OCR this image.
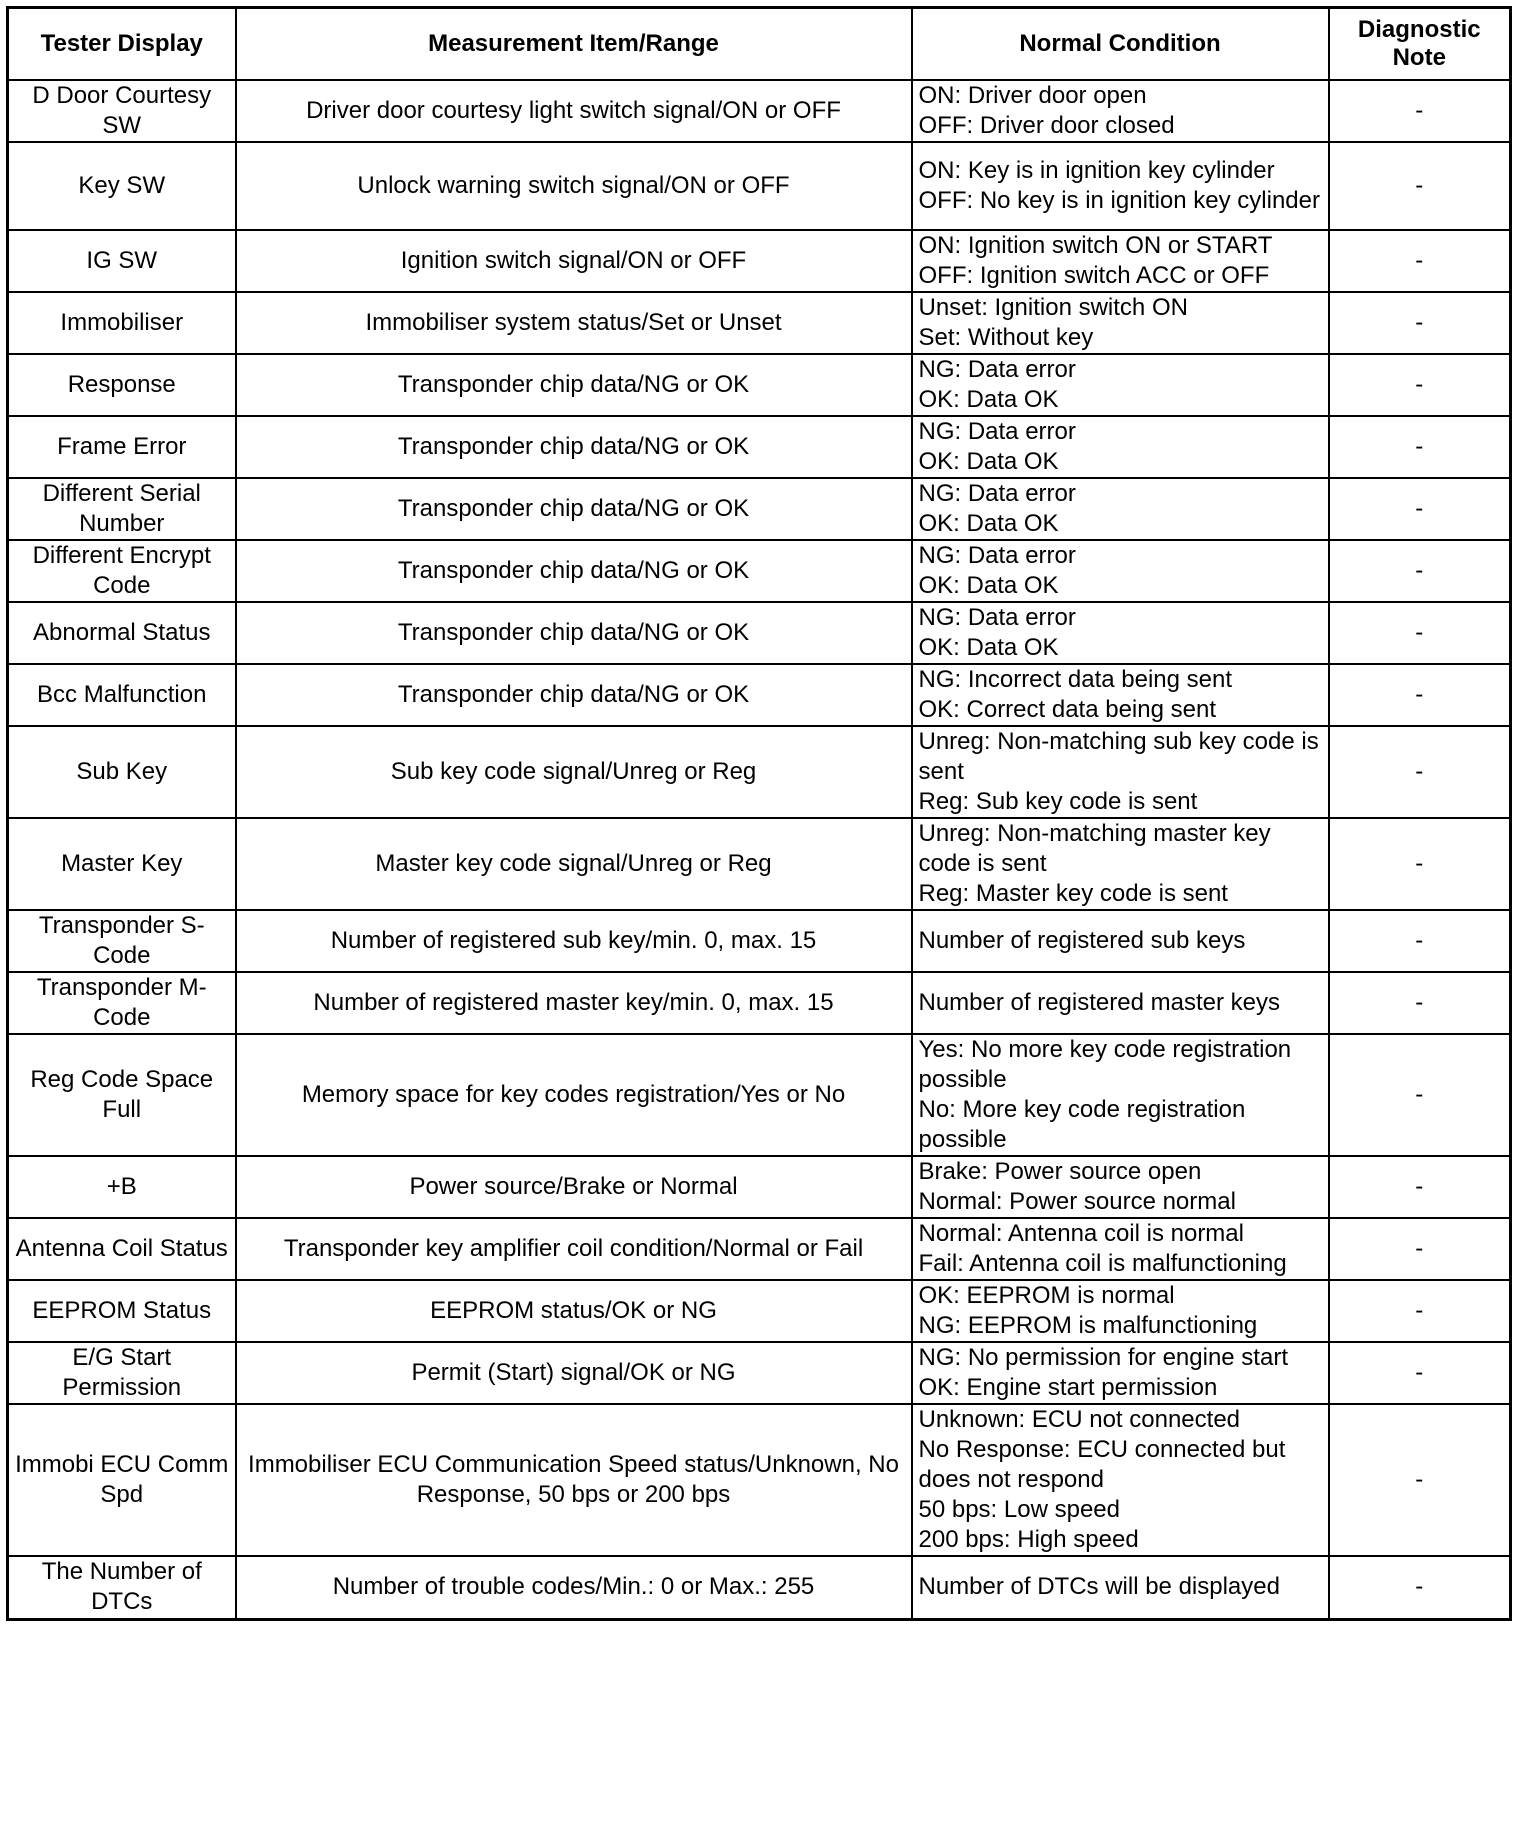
Tester Display	Measurement Item/Range	Normal Condition	Diagnostic Note
D Door Courtesy SW	Driver door courtesy light switch signal/ON or OFF	ON: Driver door open
OFF: Driver door closed	-
Key SW	Unlock warning switch signal/ON or OFF	ON: Key is in ignition key cylinder
OFF: No key is in ignition key cylinder	-
IG SW	Ignition switch signal/ON or OFF	ON: Ignition switch ON or START
OFF: Ignition switch ACC or OFF	-
Immobiliser	Immobiliser system status/Set or Unset	Unset: Ignition switch ON
Set: Without key	-
Response	Transponder chip data/NG or OK	NG: Data error
OK: Data OK	-
Frame Error	Transponder chip data/NG or OK	NG: Data error
OK: Data OK	-
Different Serial Number	Transponder chip data/NG or OK	NG: Data error
OK: Data OK	-
Different Encrypt Code	Transponder chip data/NG or OK	NG: Data error
OK: Data OK	-
Abnormal Status	Transponder chip data/NG or OK	NG: Data error
OK: Data OK	-
Bcc Malfunction	Transponder chip data/NG or OK	NG: Incorrect data being sent
OK: Correct data being sent	-
Sub Key	Sub key code signal/Unreg or Reg	Unreg: Non-matching sub key code is sent
Reg: Sub key code is sent	-
Master Key	Master key code signal/Unreg or Reg	Unreg: Non-matching master key code is sent
Reg: Master key code is sent	-
Transponder S-Code	Number of registered sub key/min. 0, max. 15	Number of registered sub keys	-
Transponder M-Code	Number of registered master key/min. 0, max. 15	Number of registered master keys	-
Reg Code Space Full	Memory space for key codes registration/Yes or No	Yes: No more key code registration possible
No: More key code registration possible	-
+B	Power source/Brake or Normal	Brake: Power source open
Normal: Power source normal	-
Antenna Coil Status	Transponder key amplifier coil condition/Normal or Fail	Normal: Antenna coil is normal
Fail: Antenna coil is malfunctioning	-
EEPROM Status	EEPROM status/OK or NG	OK: EEPROM is normal
NG: EEPROM is malfunctioning	-
E/G Start Permission	Permit (Start) signal/OK or NG	NG: No permission for engine start
OK: Engine start permission	-
Immobi ECU Comm Spd	Immobiliser ECU Communication Speed status/Unknown, No Response, 50 bps or 200 bps	Unknown: ECU not connected
No Response: ECU connected but does not respond
50 bps: Low speed
200 bps: High speed	-
The Number of DTCs	Number of trouble codes/Min.: 0 or Max.: 255	Number of DTCs will be displayed	-
